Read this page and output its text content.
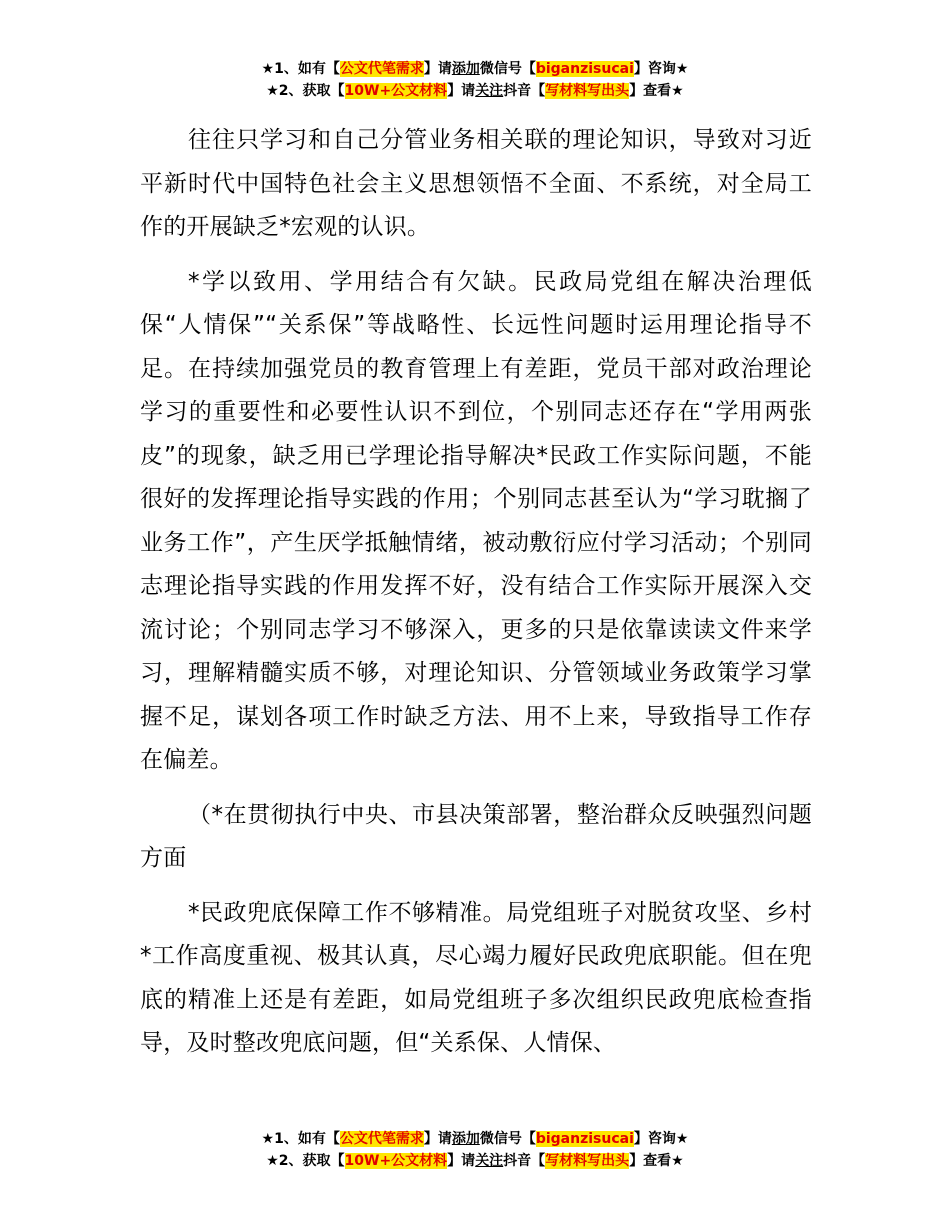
★1、如有【公文代笔需求】请添加微信号【biganzisucai】咨询★
★2、获取【10W+公文材料】请关注抖音【写材料写出头】查看★

往往只学习和自己分管业务相关联的理论知识，导致对习近平新时代中国特色社会主义思想领悟不全面、不系统，对全局工作的开展缺乏*宏观的认识。

*学以致用、学用结合有欠缺。民政局党组在解决治理低保“人情保”“关系保”等战略性、长远性问题时运用理论指导不足。在持续加强党员的教育管理上有差距，党员干部对政治理论学习的重要性和必要性认识不到位，个别同志还存在“学用两张皮”的现象，缺乏用已学理论指导解决*民政工作实际问题，不能很好的发挥理论指导实践的作用；个别同志甚至认为“学习耽搁了业务工作”，产生厌学抵触情绪，被动敷衍应付学习活动；个别同志理论指导实践的作用发挥不好，没有结合工作实际开展深入交流讨论；个别同志学习不够深入，更多的只是依靠读读文件来学习，理解精髓实质不够，对理论知识、分管领域业务政策学习掌握不足，谋划各项工作时缺乏方法、用不上来，导致指导工作存在偏差。

（*在贯彻执行中央、市县决策部署，整治群众反映强烈问题方面

*民政兜底保障工作不够精准。局党组班子对脱贫攻坚、乡村*工作高度重视、极其认真，尽心竭力履好民政兜底职能。但在兜底的精准上还是有差距，如局党组班子多次组织民政兜底检查指导，及时整改兜底问题，但“关系保、人情保、

★1、如有【公文代笔需求】请添加微信号【biganzisucai】咨询★
★2、获取【10W+公文材料】请关注抖音【写材料写出头】查看★
